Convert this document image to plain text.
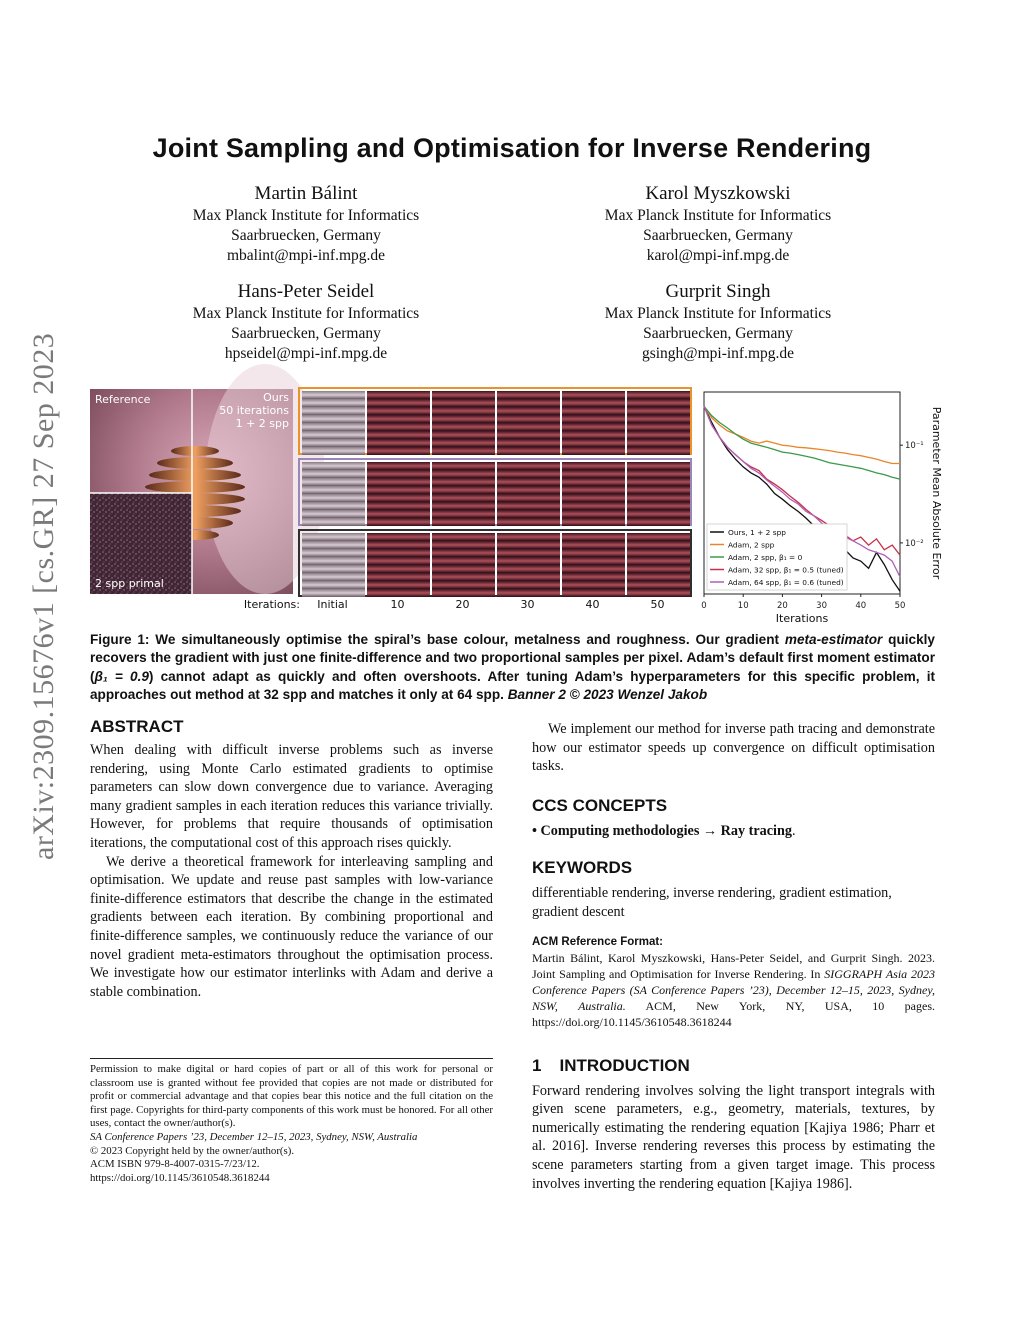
arXiv:2309.15676v1 [cs.GR] 27 Sep 2023
Joint Sampling and Optimisation for Inverse Rendering
Martin Bálint
Max Planck Institute for Informatics
Saarbruecken, Germany
mbalint@mpi-inf.mpg.de
Karol Myszkowski
Max Planck Institute for Informatics
Saarbruecken, Germany
karol@mpi-inf.mpg.de
Hans-Peter Seidel
Max Planck Institute for Informatics
Saarbruecken, Germany
hpseidel@mpi-inf.mpg.de
Gurprit Singh
Max Planck Institute for Informatics
Saarbruecken, Germany
gsingh@mpi-inf.mpg.de
Reference	Ours
50 iterations
1 + 2 spp
2 spp primal
Iterations:	Initial	10	20	30	40	50	0	10	20	30	40	50
10⁻¹
10⁻²
Iterations
Parameter Mean Absolute Error
Ours, 1 + 2 spp
Adam, 2 spp
Adam, 2 spp, β₁ = 0
Adam, 32 spp, β₁ = 0.5 (tuned)
Adam, 64 spp, β₁ = 0.6 (tuned)
Figure 1: We simultaneously optimise the spiral’s base colour, metalness and roughness. Our gradient meta-estimator quickly recovers the gradient with just one finite-difference and two proportional samples per pixel. Adam’s default first moment estimator (β₁ = 0.9) cannot adapt as quickly and often overshoots. After tuning Adam’s hyperparameters for this specific problem, it approaches out method at 32 spp and matches it only at 64 spp. Banner 2 © 2023 Wenzel Jakob
ABSTRACT
When dealing with difficult inverse problems such as inverse rendering, using Monte Carlo estimated gradients to optimise parameters can slow down convergence due to variance. Averaging many gradient samples in each iteration reduces this variance trivially. However, for problems that require thousands of optimisation iterations, the computational cost of this approach rises quickly.
We derive a theoretical framework for interleaving sampling and optimisation. We update and reuse past samples with low-variance finite-difference estimators that describe the change in the estimated gradients between each iteration. By combining proportional and finite-difference samples, we continuously reduce the variance of our novel gradient meta-estimators throughout the optimisation process. We investigate how our estimator interlinks with Adam and derive a stable combination.
Permission to make digital or hard copies of part or all of this work for personal or classroom use is granted without fee provided that copies are not made or distributed for profit or commercial advantage and that copies bear this notice and the full citation on the first page. Copyrights for third-party components of this work must be honored. For all other uses, contact the owner/author(s).
SA Conference Papers ’23, December 12–15, 2023, Sydney, NSW, Australia
© 2023 Copyright held by the owner/author(s).
ACM ISBN 979-8-4007-0315-7/23/12.
https://doi.org/10.1145/3610548.3618244
We implement our method for inverse path tracing and demonstrate how our estimator speeds up convergence on difficult optimisation tasks.
CCS CONCEPTS
• Computing methodologies → Ray tracing.
KEYWORDS
differentiable rendering, inverse rendering, gradient estimation, gradient descent
ACM Reference Format:
Martin Bálint, Karol Myszkowski, Hans-Peter Seidel, and Gurprit Singh. 2023. Joint Sampling and Optimisation for Inverse Rendering. In SIGGRAPH Asia 2023 Conference Papers (SA Conference Papers ’23), December 12–15, 2023, Sydney, NSW, Australia. ACM, New York, NY, USA, 10 pages. https://doi.org/10.1145/3610548.3618244
1 INTRODUCTION
Forward rendering involves solving the light transport integrals with given scene parameters, e.g., geometry, materials, textures, by numerically estimating the rendering equation [Kajiya 1986; Pharr et al. 2016]. Inverse rendering reverses this process by estimating the scene parameters starting from a given target image. This process involves inverting the rendering equation [Kajiya 1986].
